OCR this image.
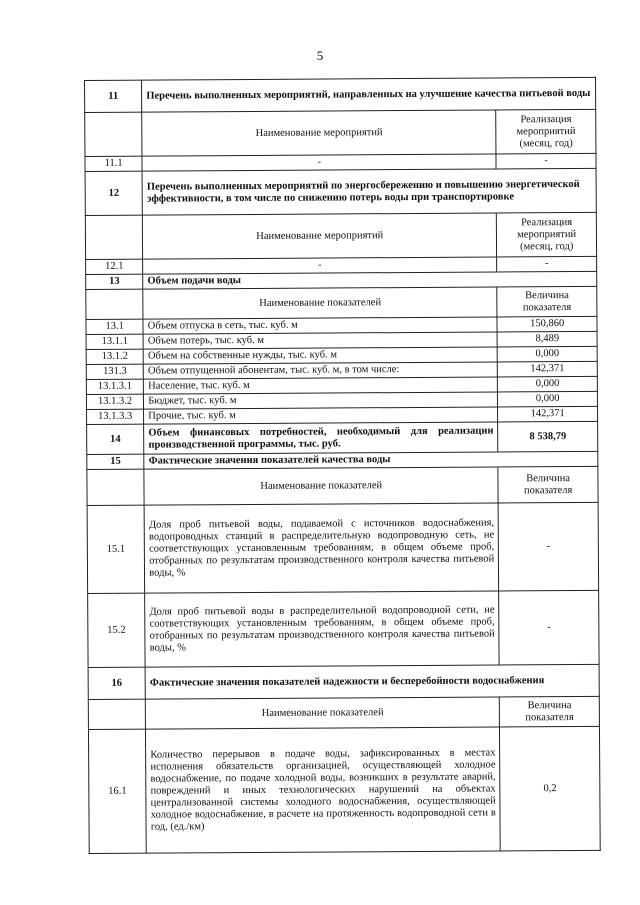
5
11	Перечень выполненных мероприятий, направленных на улучшение качества питьевой воды	
	Наименование мероприятий	Реализация мероприятий (месяц, год)
11.1	-	-
12	Перечень выполненных мероприятий по энергосбережению и повышению энергетической эффективности, в том числе по снижению потерь воды при транспортировке	
	Наименование мероприятий	Реализация мероприятий (месяц, год)
12.1	-	-
13	Объем подачи воды	
	Наименование показателей	Величина показателя
13.1	Объем отпуска в сеть, тыс. куб. м	150,860
13.1.1	Объем потерь, тыс. куб. м	8,489
13.1.2	Объем на собственные нужды, тыс. куб. м	0,000
131.3	Объем отпущенной абонентам, тыс. куб. м, в том числе:	142,371
13.1.3.1	Население, тыс. куб. м	0,000
13.1.3.2	Бюджет, тыс. куб. м	0,000
13.1.3.3	Прочие, тыс. куб. м	142,371
14	Объем финансовых потребностей, необходимый для реализации производственной программы, тыс. руб.	8 538,79
15	Фактические значения показателей качества воды	
	Наименование показателей	Величина показателя
15.1	Доля проб питьевой воды, подаваемой с источников водоснабжения, водопроводных станций в распределительную водопроводную сеть, не соответствующих установленным требованиям, в общем объеме проб, отобранных по результатам производственного контроля качества питьевой воды, %	-
15.2	Доля проб питьевой воды в распределительной водопроводной сети, не соответствующих установленным требованиям, в общем объеме проб, отобранных по результатам производственного контроля качества питьевой воды, %	-
16	Фактические значения показателей надежности и бесперебойности водоснабжения	
	Наименование показателей	Величина показателя
16.1	Количество перерывов в подаче воды, зафиксированных в местах исполнения обязательств организацией, осуществляющей холодное водоснабжение, по подаче холодной воды, возникших в результате аварий, повреждений и иных технологических нарушений на объектах централизованной системы холодного водоснабжения, осуществляющей холодное водоснабжение, в расчете на протяженность водопроводной сети в год, (ед./км)	0,2
